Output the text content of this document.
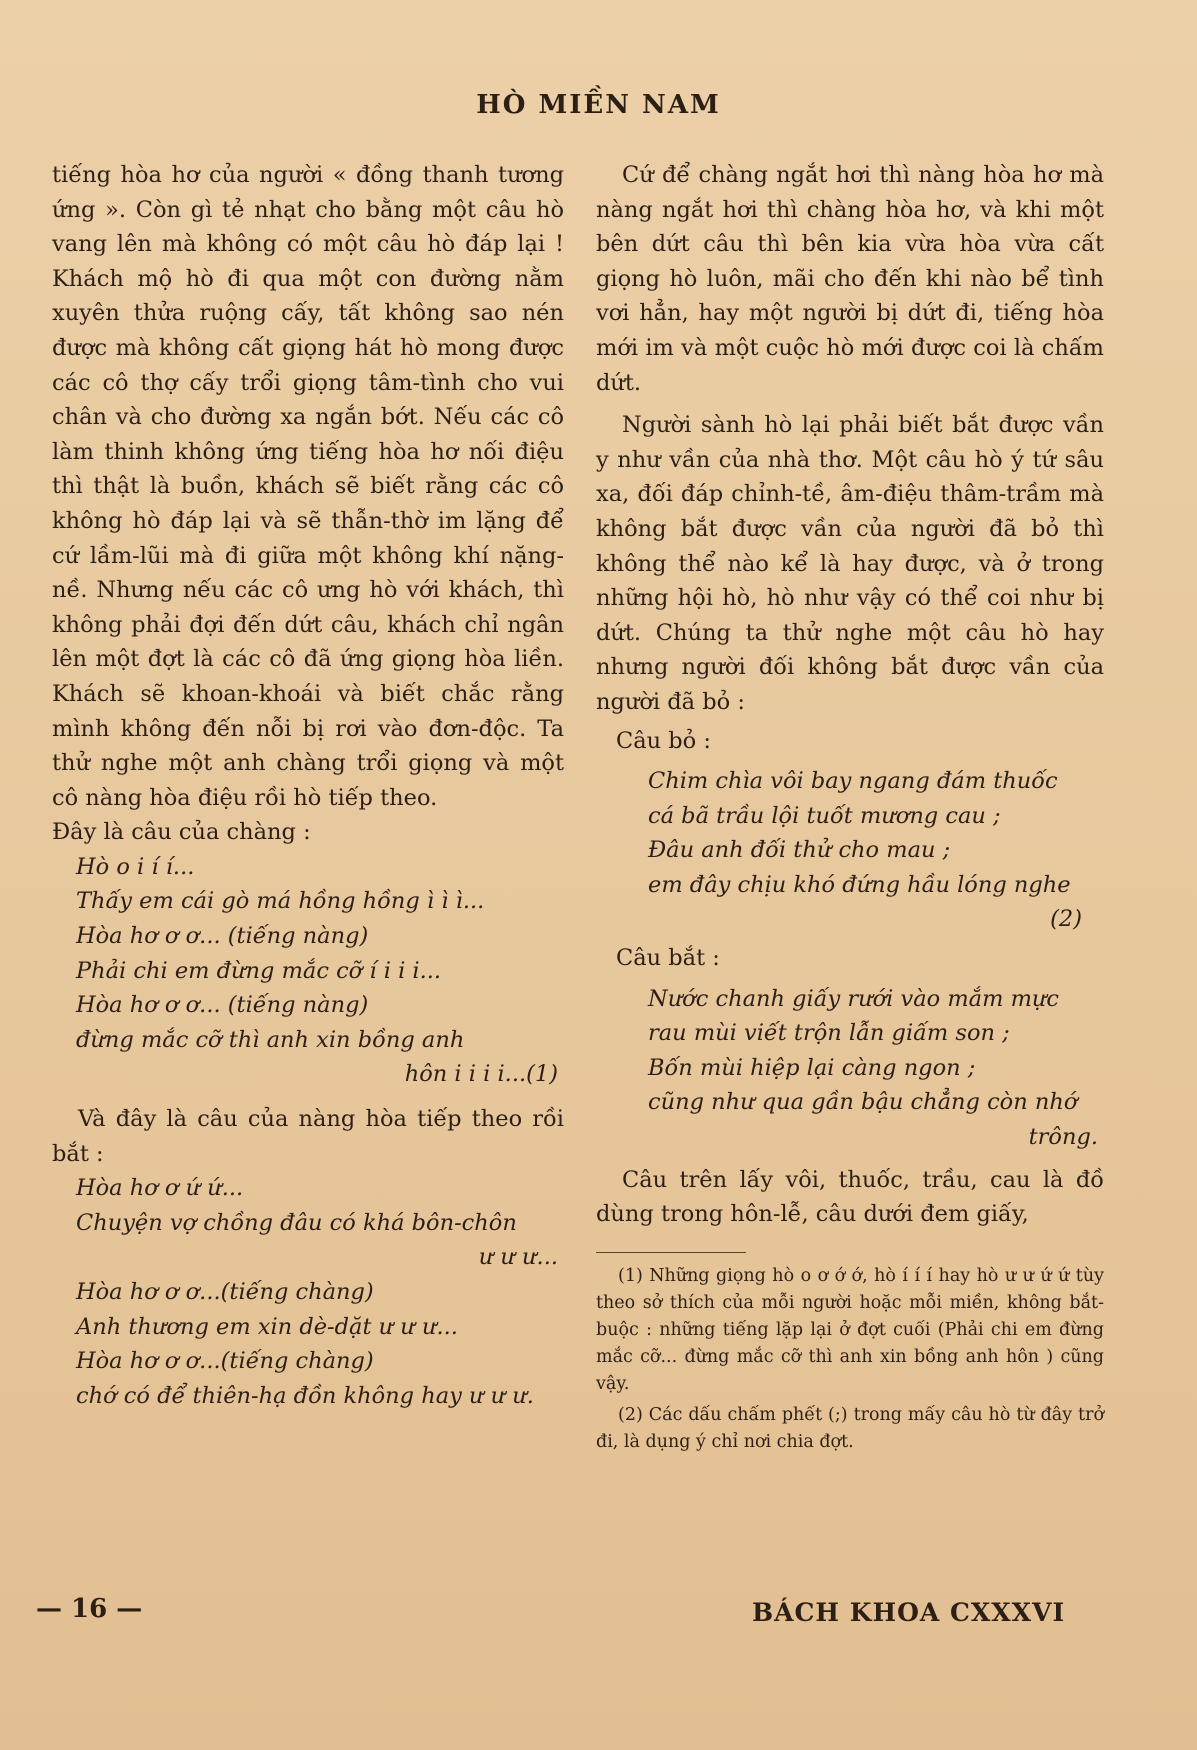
HÒ MIỀN NAM

tiếng hòa hơ của người « đồng thanh tương ứng ». Còn gì tẻ nhạt cho bằng một câu hò vang lên mà không có một câu hò đáp lại ! Khách mộ hò đi qua một con đường nằm xuyên thửa ruộng cấy, tất không sao nén được mà không cất giọng hát hò mong được các cô thợ cấy trổi giọng tâm-tình cho vui chân và cho đường xa ngắn bớt. Nếu các cô làm thinh không ứng tiếng hòa hơ nối điệu thì thật là buồn, khách sẽ biết rằng các cô không hò đáp lại và sẽ thẫn-thờ im lặng để cứ lầm-lũi mà đi giữa một không khí nặng-nề. Nhưng nếu các cô ưng hò với khách, thì không phải đợi đến dứt câu, khách chỉ ngân lên một đợt là các cô đã ứng giọng hòa liền. Khách sẽ khoan-khoái và biết chắc rằng mình không đến nỗi bị rơi vào đơn-độc. Ta thử nghe một anh chàng trổi giọng và một cô nàng hòa điệu rồi hò tiếp theo.

Đây là câu của chàng :

Hò o i í í...

Thấy em cái gò má hồng hồng ì ì ì...

Hòa hơ ơ ơ... (tiếng nàng)

Phải chi em đừng mắc cỡ í i i i...

Hòa hơ ơ ơ... (tiếng nàng)

đừng mắc cỡ thì anh xin bồng anh

hôn i i i i...(1)

Và đây là câu của nàng hòa tiếp theo rồi bắt :

Hòa hơ ơ ứ ứ...

Chuyện vợ chồng đâu có khá bôn-chôn

ư ư ư...

Hòa hơ ơ ơ...(tiếng chàng)

Anh thương em xin dè-dặt ư ư ư...

Hòa hơ ơ ơ...(tiếng chàng)

chớ có để thiên-hạ đồn không hay ư ư ư.

Cứ để chàng ngắt hơi thì nàng hòa hơ mà nàng ngắt hơi thì chàng hòa hơ, và khi một bên dứt câu thì bên kia vừa hòa vừa cất giọng hò luôn, mãi cho đến khi nào bể tình vơi hẳn, hay một người bị dứt đi, tiếng hòa mới im và một cuộc hò mới được coi là chấm dứt.

Người sành hò lại phải biết bắt được vần y như vần của nhà thơ. Một câu hò ý tứ sâu xa, đối đáp chỉnh-tề, âm-điệu thâm-trầm mà không bắt được vần của người đã bỏ thì không thể nào kể là hay được, và ở trong những hội hò, hò như vậy có thể coi như bị dứt. Chúng ta thử nghe một câu hò hay nhưng người đối không bắt được vần của người đã bỏ :

Câu bỏ :

Chim chìa vôi bay ngang đám thuốc

cá bã trầu lội tuốt mương cau ;

Đâu anh đối thử cho mau ;

em đây chịu khó đứng hầu lóng nghe

(2)

Câu bắt :

Nước chanh giấy rưới vào mắm mực

rau mùi viết trộn lẫn giấm son ;

Bốn mùi hiệp lại càng ngon ;

cũng như qua gần bậu chẳng còn nhớ

trông.

Câu trên lấy vôi, thuốc, trầu, cau là đồ dùng trong hôn-lễ, câu dưới đem giấy,

(1) Những giọng hò o ơ ớ ớ, hò í í í hay hò ư ư ứ ứ tùy theo sở thích của mỗi người hoặc mỗi miền, không bắt-buộc : những tiếng lặp lại ở đợt cuối (Phải chi em đừng mắc cỡ... đừng mắc cỡ thì anh xin bồng anh hôn ) cũng vậy.

(2) Các dấu chấm phết (;) trong mấy câu hò từ đây trở đi, là dụng ý chỉ nơi chia đợt.

— 16 —	BÁCH KHOA CXXXVI
